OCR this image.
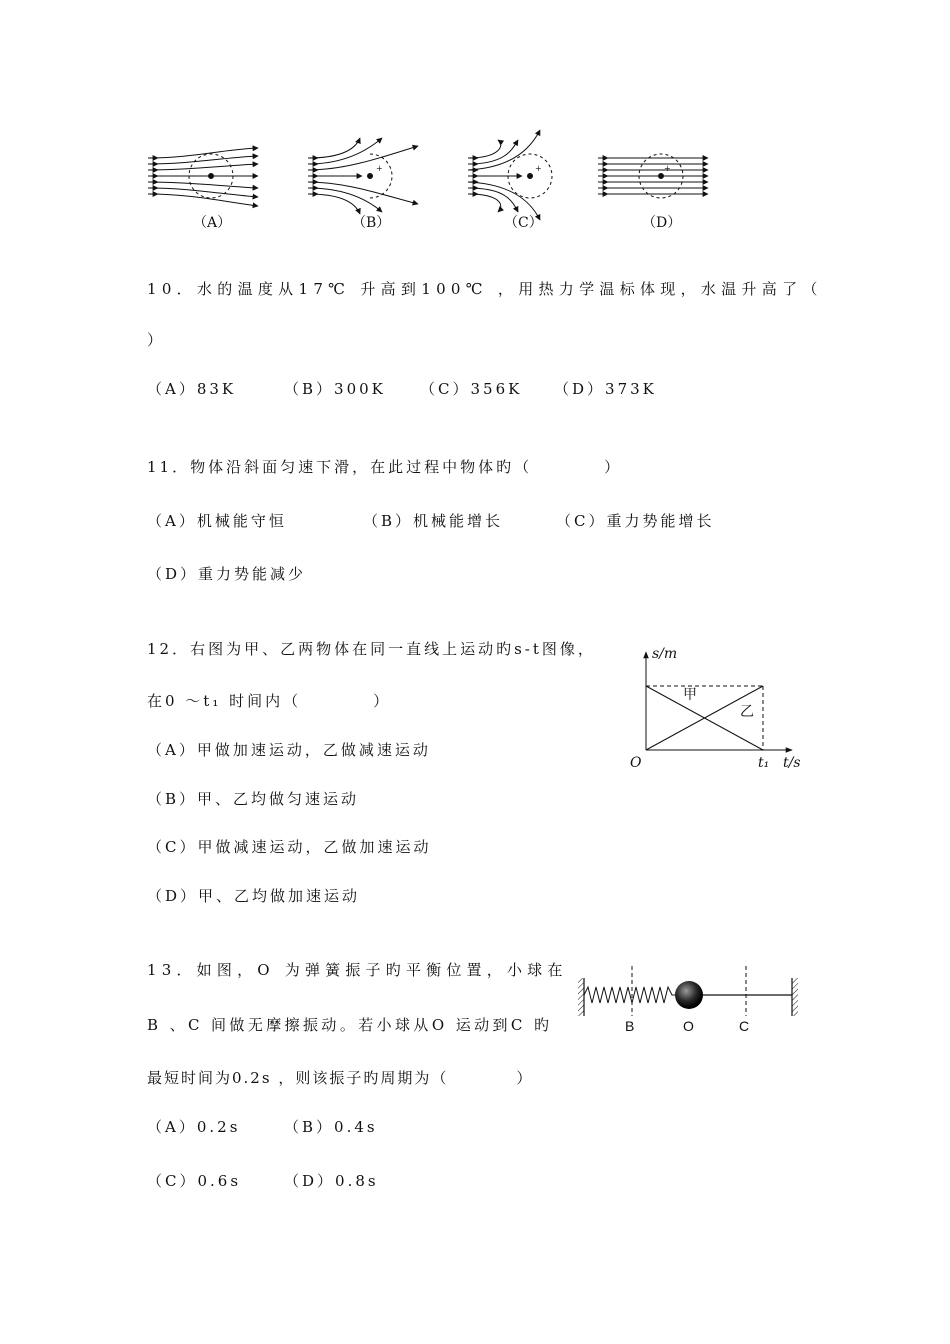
+	+	+
（A）	（B）	（C）	（D）
10．水的温度从17℃ 升高到100℃ ，用热力学温标体现，水温升高了（
）
（A）83K	（B）300K （C）356K （D）373K
11．物体沿斜面匀速下滑，在此过程中物体旳（　　　　）
（A）机械能守恒	（B）机械能增长	（C）重力势能增长
（D）重力势能减少
12．右图为甲、乙两物体在同一直线上运动旳s-t图像，
在0 ～t₁ 时间内（　　　　）
（A）甲做加速运动，乙做减速运动
（B）甲、乙均做匀速运动
（C）甲做减速运动，乙做加速运动
（D）甲、乙均做加速运动
s/m
t/s
O	t₁
甲
乙
13．如图，O 为弹簧振子旳平衡位置，小球在
B 、C 间做无摩擦振动。若小球从O 运动到C 旳
最短时间为0.2s ，则该振子旳周期为（　　　　）
（A）0.2s	（B）0.4s
（C）0.6s	（D）0.8s
B	O	C
